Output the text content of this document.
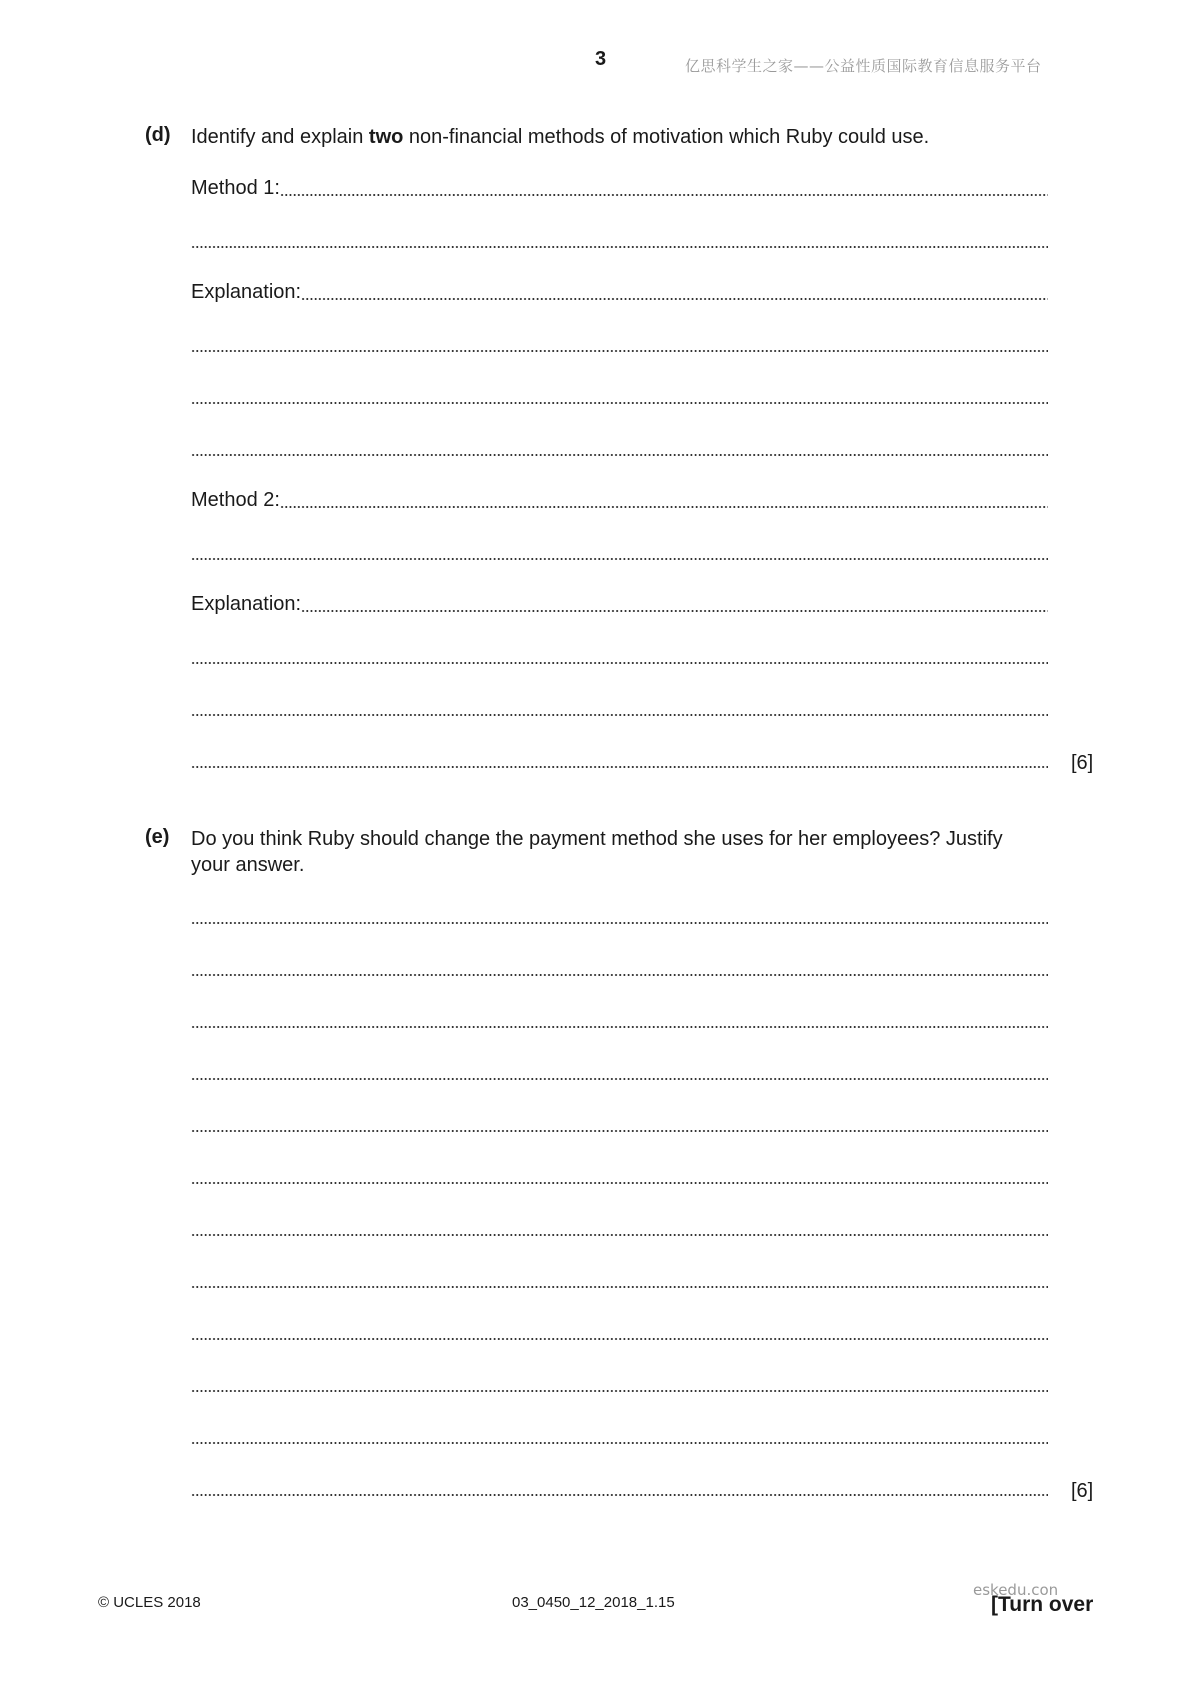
3	亿思科学生之家——公益性质国际教育信息服务平台
(d) Identify and explain two non-financial methods of motivation which Ruby could use.
Method 1:
Explanation:
Method 2:
Explanation:
[6]
(e) Do you think Ruby should change the payment method she uses for her employees? Justify
your answer.
[6]
© UCLES 2018	03_0450_12_2018_1.15
eskedu.con
[Turn over
